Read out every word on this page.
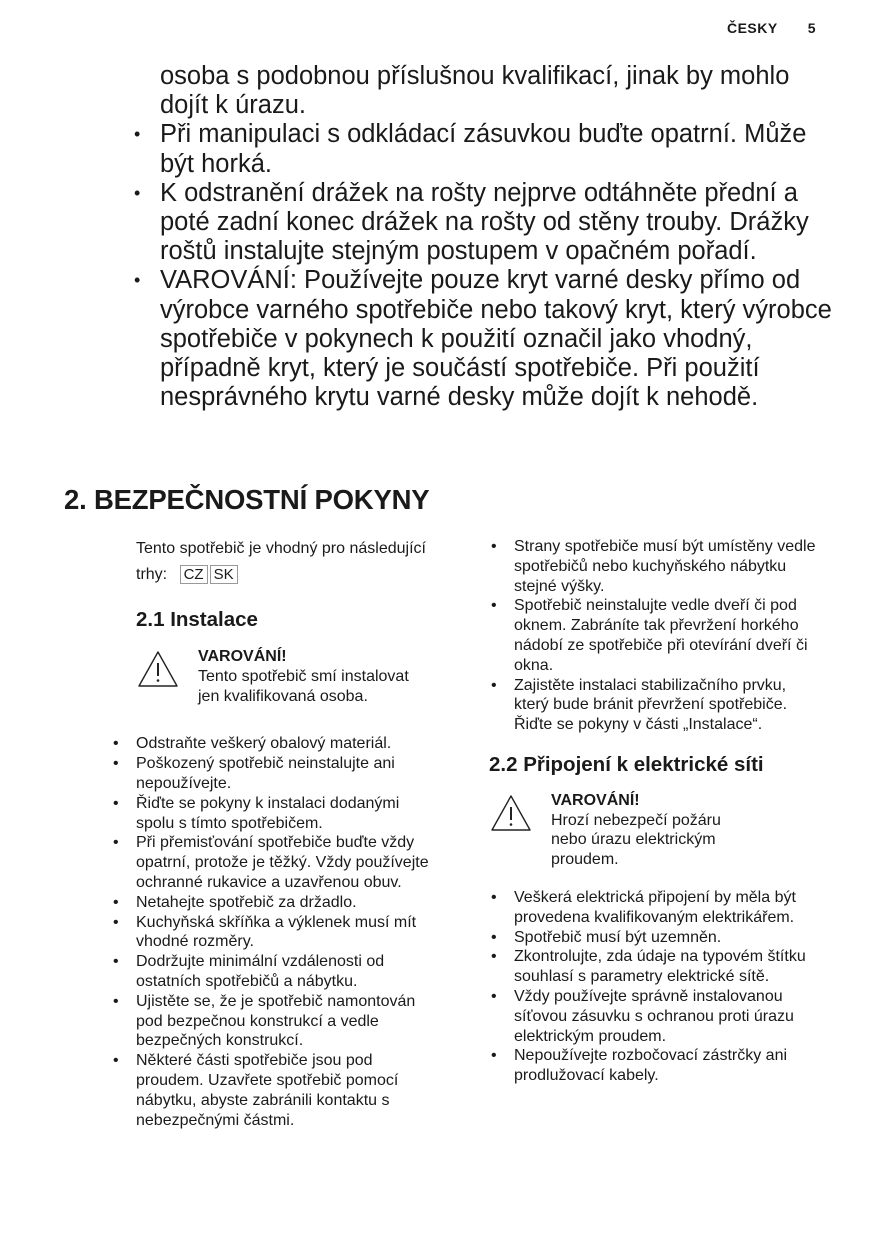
ČESKY 5

osoba s podobnou příslušnou kvalifikací, jinak by mohlo dojít k úrazu.

• Při manipulaci s odkládací zásuvkou buďte opatrní. Může být horká.
• K odstranění drážek na rošty nejprve odtáhněte přední a poté zadní konec drážek na rošty od stěny trouby. Drážky roštů instalujte stejným postupem v opačném pořadí.
• VAROVÁNÍ: Používejte pouze kryt varné desky přímo od výrobce varného spotřebiče nebo takový kryt, který výrobce spotřebiče v pokynech k použití označil jako vhodný, případně kryt, který je součástí spotřebiče. Při použití nesprávného krytu varné desky může dojít k nehodě.
2. BEZPEČNOSTNÍ POKYNY

Tento spotřebič je vhodný pro následující
trhy: CZ SK

2.1 Instalace
VAROVÁNÍ!
Tento spotřebič smí instalovat jen kvalifikovaná osoba.
• Odstraňte veškerý obalový materiál.
• Poškozený spotřebič neinstalujte ani nepoužívejte.
• Řiďte se pokyny k instalaci dodanými spolu s tímto spotřebičem.
• Při přemisťování spotřebiče buďte vždy opatrní, protože je těžký. Vždy používejte ochranné rukavice a uzavřenou obuv.
• Netahejte spotřebič za držadlo.
• Kuchyňská skříňka a výklenek musí mít vhodné rozměry.
• Dodržujte minimální vzdálenosti od ostatních spotřebičů a nábytku.
• Ujistěte se, že je spotřebič namontován pod bezpečnou konstrukcí a vedle bezpečných konstrukcí.
• Některé části spotřebiče jsou pod proudem. Uzavřete spotřebič pomocí nábytku, abyste zabránili kontaktu s nebezpečnými částmi.
• Strany spotřebiče musí být umístěny vedle spotřebičů nebo kuchyňského nábytku stejné výšky.
• Spotřebič neinstalujte vedle dveří či pod oknem. Zabráníte tak převržení horkého nádobí ze spotřebiče při otevírání dveří či okna.
• Zajistěte instalaci stabilizačního prvku, který bude bránit převržení spotřebiče. Řiďte se pokyny v části „Instalace“.
2.2 Připojení k elektrické síti
VAROVÁNÍ!
Hrozí nebezpečí požáru nebo úrazu elektrickým proudem.
• Veškerá elektrická připojení by měla být provedena kvalifikovaným elektrikářem.
• Spotřebič musí být uzemněn.
• Zkontrolujte, zda údaje na typovém štítku souhlasí s parametry elektrické sítě.
• Vždy používejte správně instalovanou síťovou zásuvku s ochranou proti úrazu elektrickým proudem.
• Nepoužívejte rozbočovací zástrčky ani prodlužovací kabely.
